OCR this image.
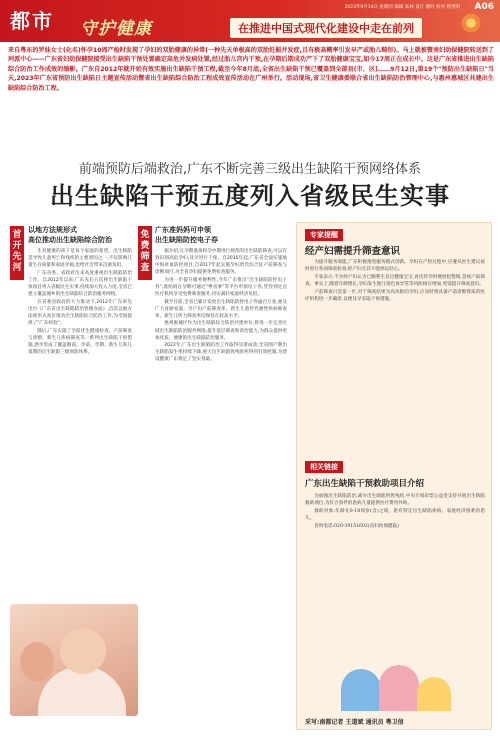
都市 守护健康	在推进中国式现代化建设中走在前列
2023年9月14日 星期四 编辑 朱林 设计 谢玲 校对 程世明 A06
来自粤东的罗妹女士(化名)怀孕10周产检时发现了孕妇的双胎健康的异常(一种先天单极高的双胎妊娠并发症,且有极高概率引发早产或胎儿畸形)。马上就被暨南妇幼保健院转送到了珂派中心——广东省妇幼保健院接受出生缺陷干预处置确定高危并发病处置,经过胎儿宫内干预,在孕期后期成功产下了双胎健康宝宝,如今17周正在成长中。这是广东省推进出生缺陷综合防治工作成效的缩影。广东自2012年就开始有效实施出生缺陷干预工程,截至今年8月底,全省出生缺陷干预已覆盖到全部县(市、区)……9月12日,第19个"预防出生缺陷日"当天,2023年广东省预防出生缺陷日主题宣传活动暨省出生缺陷综合防治工程成效宣传活动在广州举行。活动现场,省卫生健康委联合省出生缺陷防治管理中心,与惠州惠城区共建出生缺陷综合防治工程。
前端预防后端救治,广东不断完善三级出生缺陷干预网络体系
出生缺陷干预五度列入省级民生实事
首开先河
以地方法规形式
高位推动出生缺陷综合防治

生育健康的孩子是每个家庭的希望。出生缺陷是导致儿童死亡和残疾的主要原因之一,不仅影响儿童生存质量和家庭幸福,也给社会带来沉重负担。

广东省委、省政府历来高度重视出生缺陷防治工作。自2012年以来,广东先后五次将出生缺陷干预项目列入省级民生实事,持续加大投入力度,全省已建立覆盖城乡的出生缺陷综合防治服务网络。

在省委省政府的大力推动下,2012年广东率先出台《广东省出生缺陷防治管理办法》,首次以地方法规形式高位推动出生缺陷综合防治工作,为全国提供了"广东经验"。

随后,广东实施了孕前优生健康检查、产前筛查与诊断、新生儿疾病筛查等一系列出生缺陷干预措施,逐步形成了覆盖婚前、孕前、孕期、新生儿和儿童期的出生缺陷三级预防体系。

免费筛查
广东准妈妈可申领
出生缺陷防控电子券

据介绍,在孕期准备和孕中期进行规范的出生缺陷筛查,可以有效识别高危孕妇,及早进行干预。自2015年起,广东省全面实施地中海贫血防控项目,自2017年起实施孕妇唐氏综合征产前筛查与诊断项目,为全省孕妇提供免费检查服务。

为进一步提升服务便利性,今年广东推出"出生缺陷防控电子券",准妈妈在孕期可通过"粤省事"等平台申领电子券,凭券到定点医疗机构享受免费筛查服务,切实减轻家庭经济负担。

截至目前,全省已累计发放出生缺陷防控电子券逾百万张,惠及广大育龄家庭。孕产妇产前筛查率、新生儿遗传代谢性疾病筛查率、新生儿听力筛查率均保持在较高水平。

惠州惠城区作为出生缺陷综合防治共建单位,将进一步完善区域出生缺陷防治服务网络,提升基层筛查和诊治能力,为群众提供更加优质、便捷的出生缺陷防治服务。

2022年,广东出生缺陷防治工作取得显著成效,全省围产期出生缺陷发生率持续下降,重大出生缺陷致残致死得到有效控制,为建设健康广东奠定了坚实基础。

专家提醒
经产妇需提升筛查意识

为提升服务效能,广东积极推进服务模式创新。孕妇在产检过程中,应遵从医生建议按时进行各项筛查检查,经产妇尤其不能掉以轻心。

专家表示,不少经产妇认为已顺利生育过健康宝宝,再次怀孕时便放松警惕,忽视产前筛查。事实上,随着年龄增长,孕妇发生胎儿染色体异常等风险相应增加,更需提升筛查意识。

产前筛查只是第一步,对于筛查结果为高风险的孕妇,应及时到具备产前诊断资质的医疗机构进一步确诊,以便及早采取干预措施。

相关链接
广东出生缺陷干预救助项目介绍

为加强出生缺陷防治,减少出生缺陷所致残疾,中央专项彩票公益金支持开展出生缺陷救助项目,为符合条件的患病儿童提供医疗费用补助。

救助对象:年龄在0-18周岁(含)之间、患有特定出生缺陷疾病、家庭经济困难的患儿。

咨询电话:020-39151602(省妇幼保健院)

采写:南都记者 王道斌 通讯员 粤卫信
